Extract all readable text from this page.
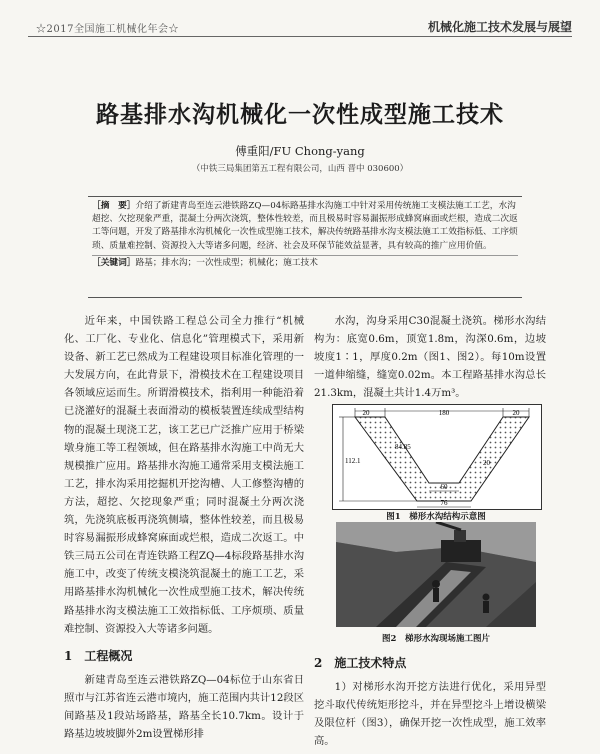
☆2017全国施工机械化年会☆	机械化施工技术发展与展望
路基排水沟机械化一次性成型施工技术
傅重阳/FU Chong-yang
（中铁三局集团第五工程有限公司，山西 晋中 030600）
［摘　要］介绍了新建青岛至连云港铁路ZQ—04标路基排水沟施工中针对采用传统施工支模法施工工艺，水沟超挖、欠挖现象严重，混凝土分两次浇筑，整体性较差，而且极易时容易漏振形成蜂窝麻面或烂根，造成二次返工等问题，开发了路基排水沟机械化一次性成型施工技术，解决传统路基排水沟支模法施工工效指标低、工序烦琐、质量难控制、资源投入大等诸多问题，经济、社会及环保节能效益显著，具有较高的推广应用价值。
［关键词］路基；排水沟；一次性成型；机械化；施工技术

近年来，中国铁路工程总公司全力推行“机械化、工厂化、专业化、信息化”管理模式下，采用新设备、新工艺已然成为工程建设项目标准化管理的一大发展方向，在此背景下，滑模技术在工程建设项目各领域应运而生。所谓滑模技术，指利用一种能沿着已浇灌好的混凝土表面滑动的模板装置连续成型结构物的混凝土现浇工艺，该工艺已广泛推广应用于桥梁墩身施工等工程领域，但在路基排水沟施工中尚无大规模推广应用。路基排水沟施工通常采用支模法施工工艺，排水沟采用挖掘机开挖沟槽、人工修整沟槽的方法，超挖、欠挖现象严重；同时混凝土分两次浇筑，先浇筑底板再浇筑侧墙，整体性较差，而且极易时容易漏振形成蜂窝麻面或烂根，造成二次返工。中铁三局五公司在青连铁路工程ZQ—4标段路基排水沟施工中，改变了传统支模浇筑混凝土的施工工艺，采用路基排水沟机械化一次性成型施工技术，解决传统路基排水沟支模法施工工效指标低、工序烦琐、质量难控制、资源投入大等诸多问题。

1　工程概况

新建青岛至连云港铁路ZQ—04标位于山东省日照市与江苏省连云港市境内，施工范围内共计12段区间路基及1段站场路基，路基全长10.7km。设计于路基边坡坡脚外2m设置梯形排

水沟，沟身采用C30混凝土浇筑。梯形水沟结构为：底宽0.6m，顶宽1.8m，沟深0.6m，边坡坡度1∶1，厚度0.2m（图1、图2）。每10m设置一道伸缩缝，缝宽0.02m。本工程路基排水沟总长21.3km，混凝土共计1.4万m³。

20	180	20
84.85
112.1
60
76
20
图1　梯形水沟结构示意图
图2　梯形水沟现场施工图片
2　施工技术特点

1）对梯形水沟开挖方法进行优化，采用异型挖斗取代传统矩形挖斗，并在异型挖斗上增设横梁及限位杆（图3），确保开挖一次性成型，施工效率高。
